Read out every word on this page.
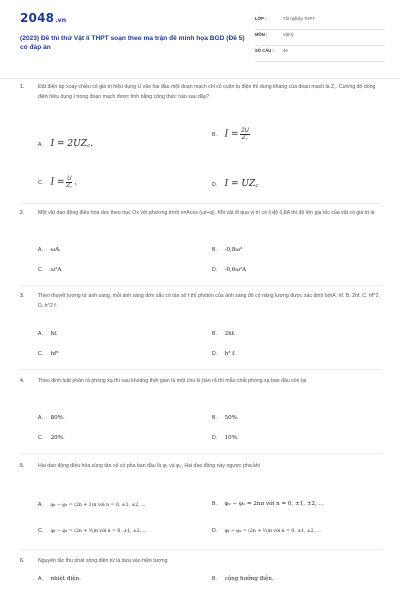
2048.vn
(2023) Đề thi thử Vật lí THPT soạn theo ma trận đề minh họa BGD (Đề 5) có đáp án
LỚP :	Tốt nghiệp THPT
MÔN :	Vật lý
SỐ CÂU : 40
1.	Đặt điện áp xoay chiều có giá trị hiệu dụng U vào hai đầu một đoạn mạch chỉ có cuộn tụ điện thì dung kháng của đoạn mạch là Z꜀. Cường độ dòng điện hiệu dụng I trong đoạn mạch được tính bằng công thức nào sau đây?
A. I = 2UZ꜀.
B. $I = \frac{2U}{Z꜀}$
C. $I = \frac{U}{Z꜀}$ .	D. I = UZ꜀
2.	Một vật dao động điều hòa dọc theo trục Ox với phương trình x=Acos (ωt+φ). Khi vật đi qua vị trí có li độ 0,8A thì độ lớn gia tốc của vật có giá trị là
A. ωA.	B. -0,8ω²
C. ω²A	D. -0,6ω²A
3.	Theo thuyết lượng tử ánh sáng, mỗi ánh sáng đơn sắc có tần số f thì photon của ánh sáng đó có năng lượng được xác định bởiA. hf. B. 2hf. C. hf^2. D. h^2 f.
A. hf.	B. 2hf.
C. hf²	D. h² f.
4.	Theo định luật phân rã phóng xạ thì sau khoảng thời gian là một chu kì bán rã thì mẫu chất phóng xạ ban đầu còn lại
A. 80%.	B. 50%.
C. 20%.	D. 10%.
5.	Hai dao động điều hòa cùng tần số có pha ban đầu là φ₁ và φ₂. Hai dao động này ngược pha khi
A. φ₂ − φ₁ = (2n + 1)π với n = 0, ±1, ±2, ...	B. φ₂ − φ₁ = 2nπ với n = 0, ±1, ±2, ...
C. φ₂ − φ₁ = (2n + ½)π với n = 0, ±1, ±2, ...	D. φ₂ − φ₁ = (2n + ⅓)π với n = 0, ±1, ±2, ...
6.	Nguyên tắc thu phát sóng điện từ là dựa vào hiện tượng
A. nhiệt điện.	B. cộng hưởng điện.
